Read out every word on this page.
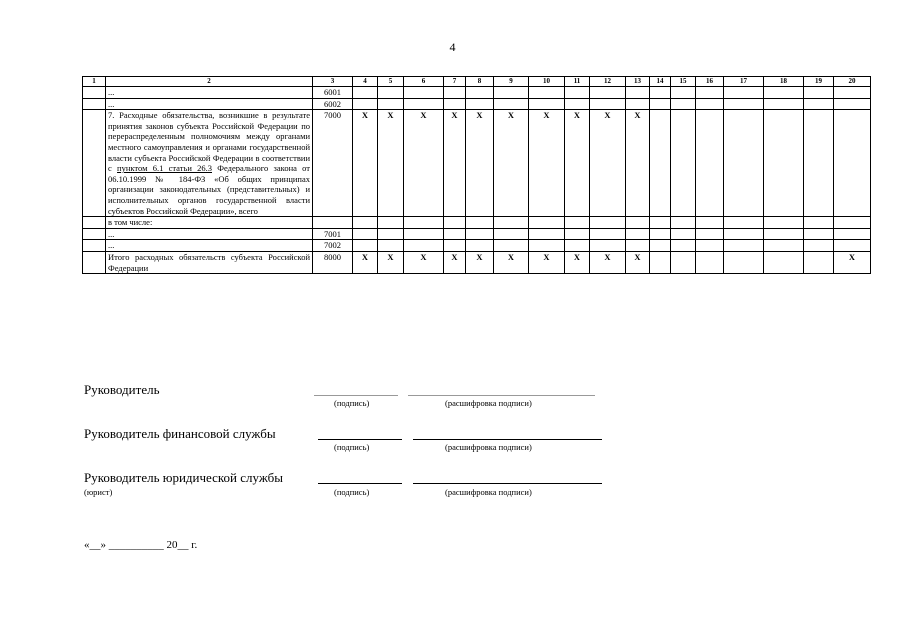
4
1	2	3	4	5	6	7	8	9	10	11	12	13	14	15	16	17	18	19	20
	...	6001																	
	...	6002																	
	7. Расходные обязательства, возникшие в результате принятия законов субъекта Российской Федерации по перераспределенным полномочиям между органами местного самоуправления и органами государственной власти субъекта Российской Федерации в соответствии с пунктом 6.1 статьи 26.3 Федерального закона от 06.10.1999 № 184-ФЗ «Об общих принципах организации законодательных (представительных) и исполнительных органов государственной власти субъектов Российской Федерации», всего	7000	X	X	X	X	X	X	X	X	X	X							
	в том числе:																		
	...	7001																	
	...	7002																	
	Итого расходных обязательств субъекта Российской Федерации	8000	X	X	X	X	X	X	X	X	X	X							X
Руководитель
(подпись)	(расшифровка подписи)
Руководитель финансовой службы
(подпись)	(расшифровка подписи)
Руководитель юридической службы
(юрист)	(подпись)	(расшифровка подписи)
«__» __________ 20__ г.
